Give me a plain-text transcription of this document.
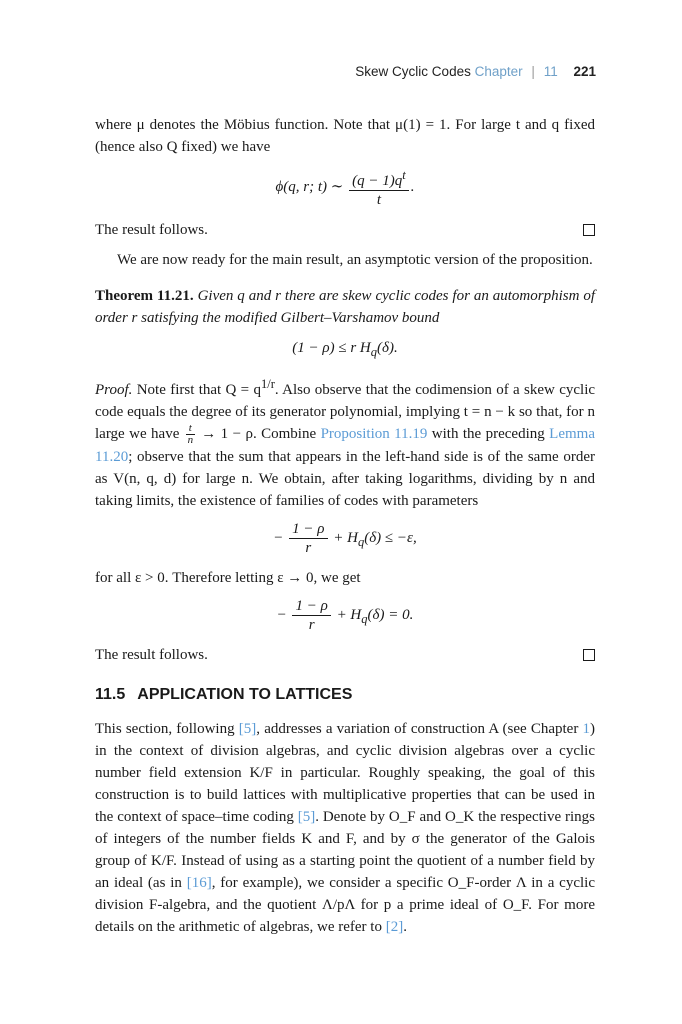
Skew Cyclic Codes Chapter | 11 221

where μ denotes the Möbius function. Note that μ(1) = 1. For large t and q fixed (hence also Q fixed) we have

ϕ(q, r; t) ∼ $\frac{(q - 1)q^t}{t}$ .

The result follows.

We are now ready for the main result, an asymptotic version of the proposition.

Theorem 11.21. Given q and r there are skew cyclic codes for an automorphism of order r satisfying the modified Gilbert–Varshamov bound

(1 − ρ) ≤ r $H_q(\delta)$.

Proof. Note first that $Q = q^{1/r}$. Also observe that the codimension of a skew cyclic code equals the degree of its generator polynomial, implying t = n − k so that, for n large we have $\frac{t}{n} \to 1 - \rho$. Combine Proposition 11.19 with the preceding Lemma 11.20; observe that the sum that appears in the left-hand side is of the same order as V(n, q, d) for large n. We obtain, after taking logarithms, dividing by n and taking limits, the existence of families of codes with parameters

− $\frac{1 - \rho}{r} + H_q(\delta) \le -\varepsilon$,

for all ε > 0. Therefore letting ε → 0, we get

− $\frac{1 - \rho}{r} + H_q(\delta) = 0$.

The result follows.

11.5 APPLICATION TO LATTICES

This section, following [5], addresses a variation of construction A (see Chapter 1) in the context of division algebras, and cyclic division algebras over a cyclic number field extension K/F in particular. Roughly speaking, the goal of this construction is to build lattices with multiplicative properties that can be used in the context of space–time coding [5]. Denote by O_F and O_K the respective rings of integers of the number fields K and F, and by σ the generator of the Galois group of K/F. Instead of using as a starting point the quotient of a number field by an ideal (as in [16], for example), we consider a specific O_F-order Λ in a cyclic division F-algebra, and the quotient Λ/pΛ for p a prime ideal of O_F. For more details on the arithmetic of algebras, we refer to [2].
